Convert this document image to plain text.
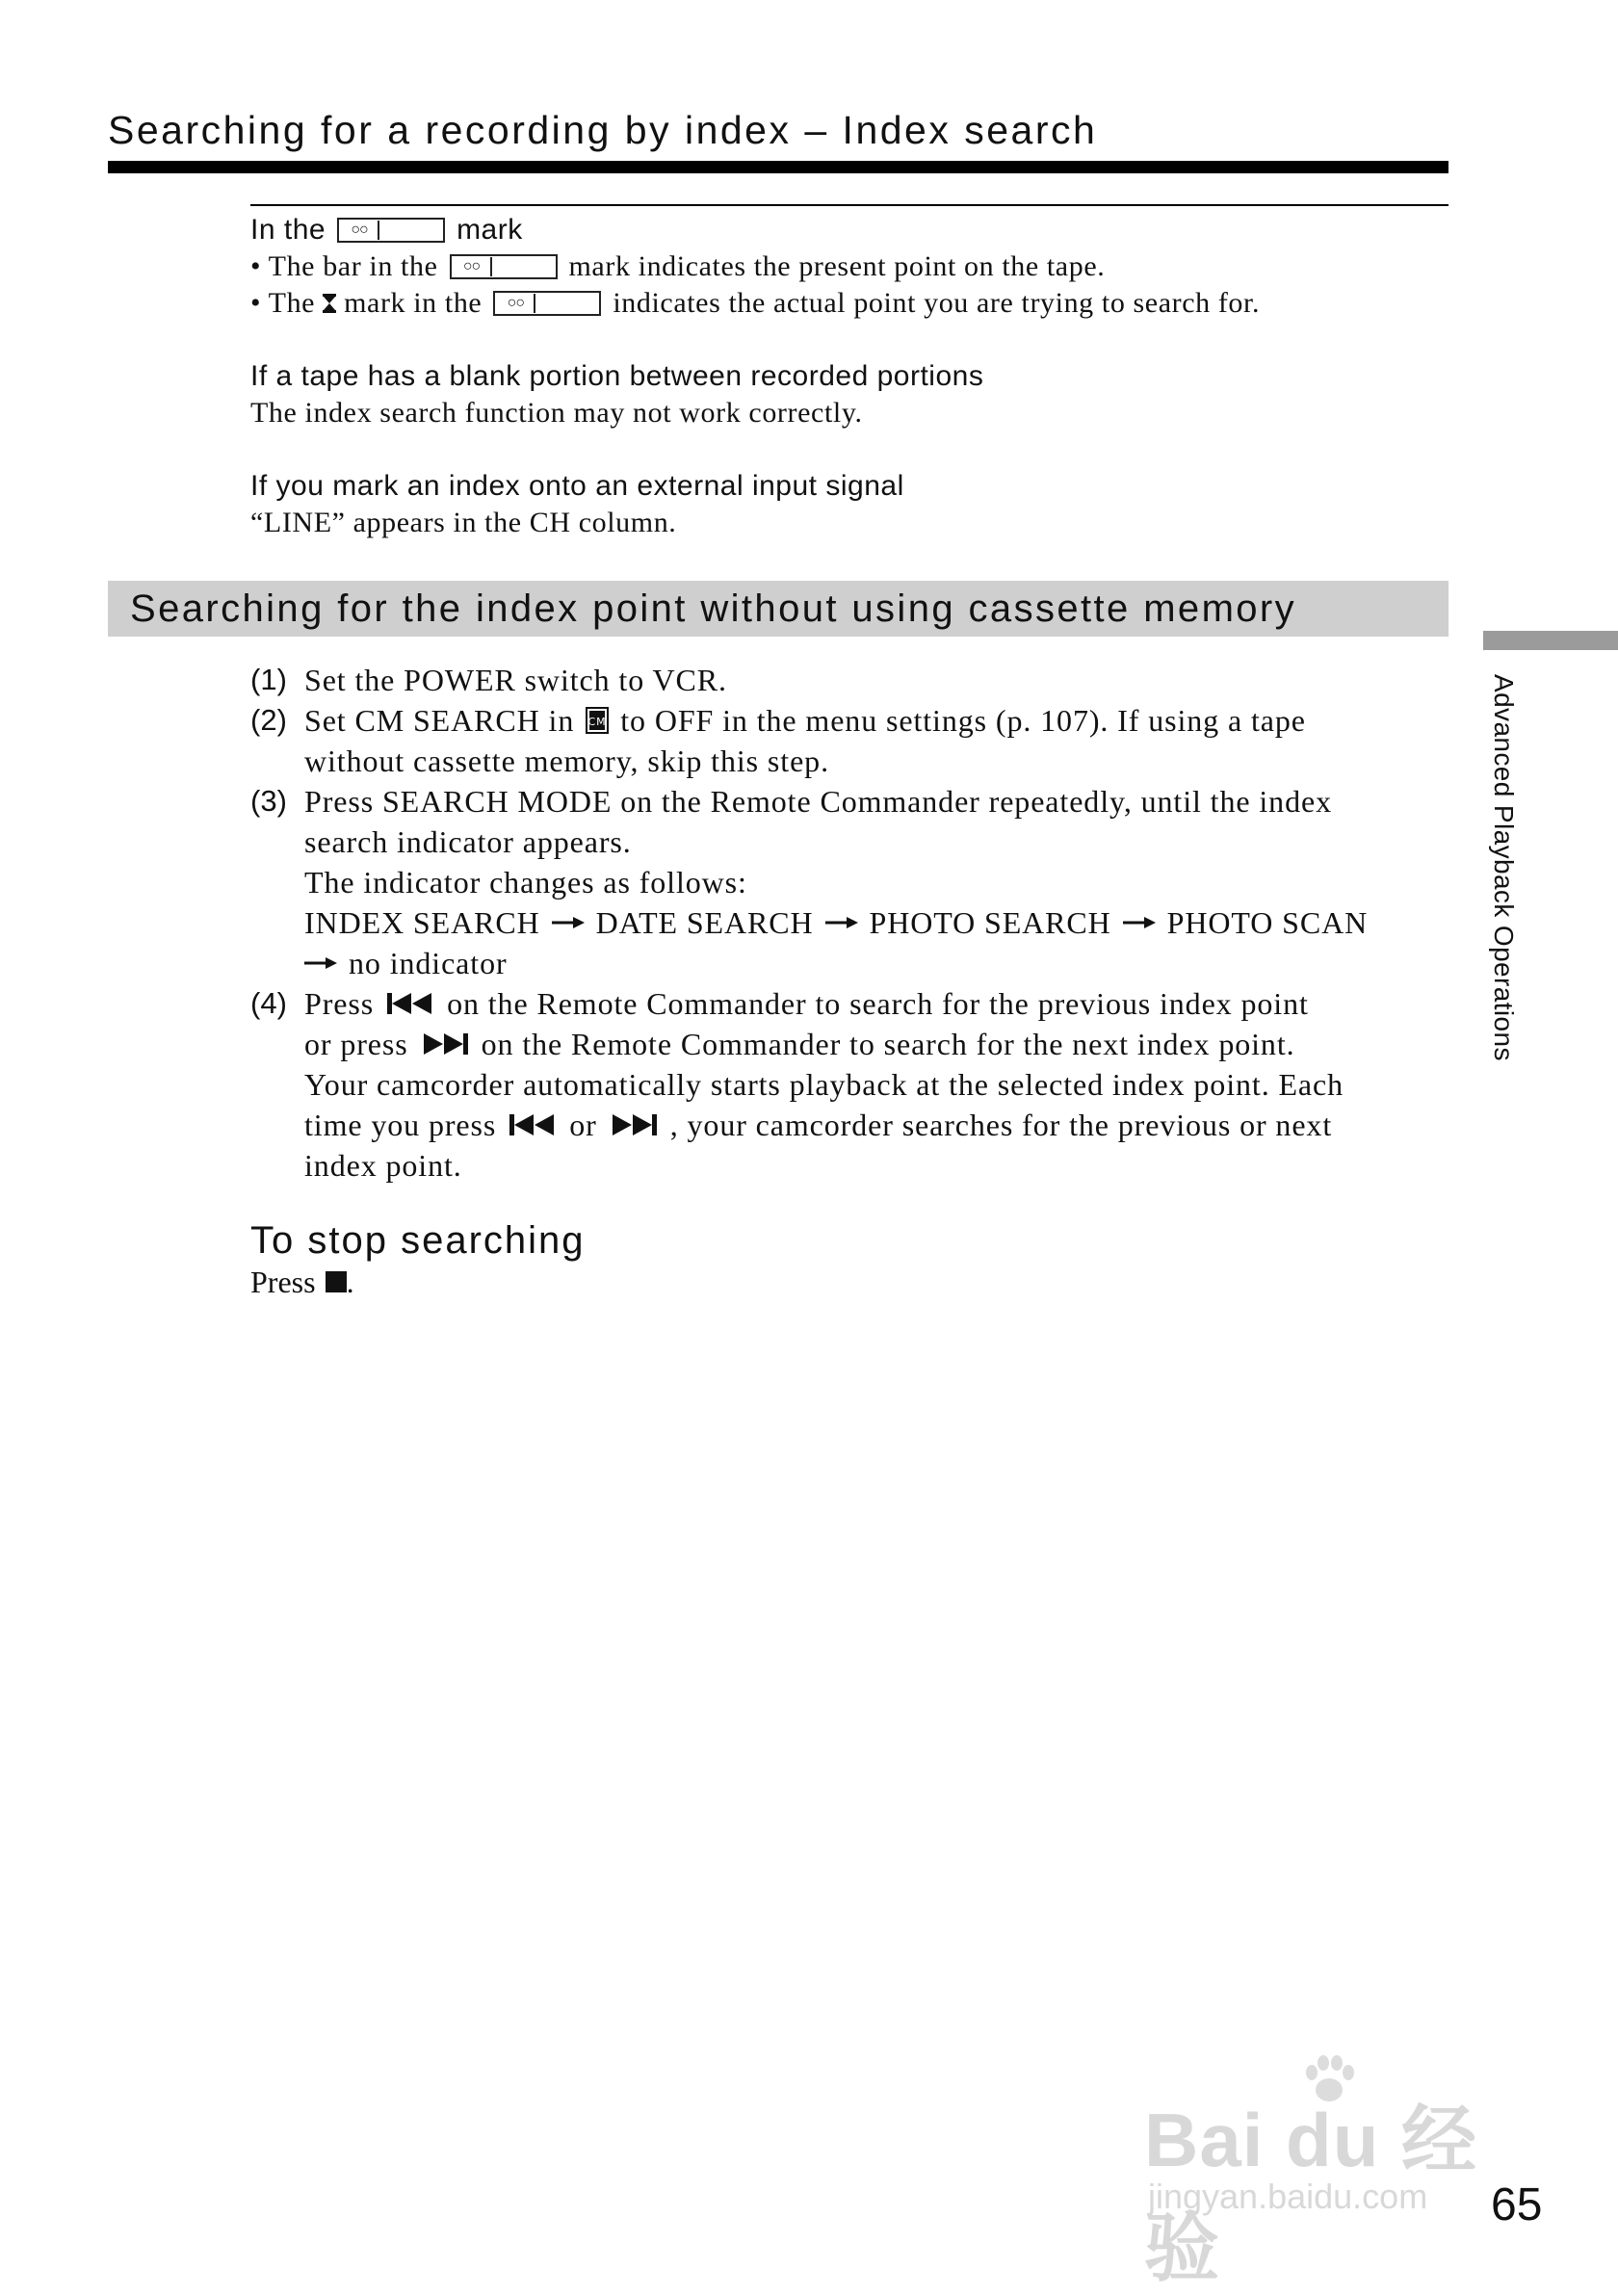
Searching for a recording by index – Index search

In the	○○	mark

• The bar in the	○○	mark indicates the present point on the tape.

• The mark in the	○○	indicates the actual point you are trying to search for.

If a tape has a blank portion between recorded portions

The index search function may not work correctly.

If you mark an index onto an external input signal

“LINE” appears in the CH column.

Searching for the index point without using cassette memory
Advanced Playback Operations
(1) Set the POWER switch to VCR.
(2) Set CM SEARCH in CM to OFF in the menu settings (p. 107). If using a tape
without cassette memory, skip this step.
(3) Press SEARCH MODE on the Remote Commander repeatedly, until the index
search indicator appears.
The indicator changes as follows:
INDEX SEARCH DATE SEARCH PHOTO SEARCH PHOTO SCAN
no indicator
(4) Press on the Remote Commander to search for the previous index point
or press on the Remote Commander to search for the next index point.
Your camcorder automatically starts playback at the selected index point. Each
time you press or , your camcorder searches for the previous or next
index point.
To stop searching
Press .
Bai du 经验
jingyan.baidu.com 65
